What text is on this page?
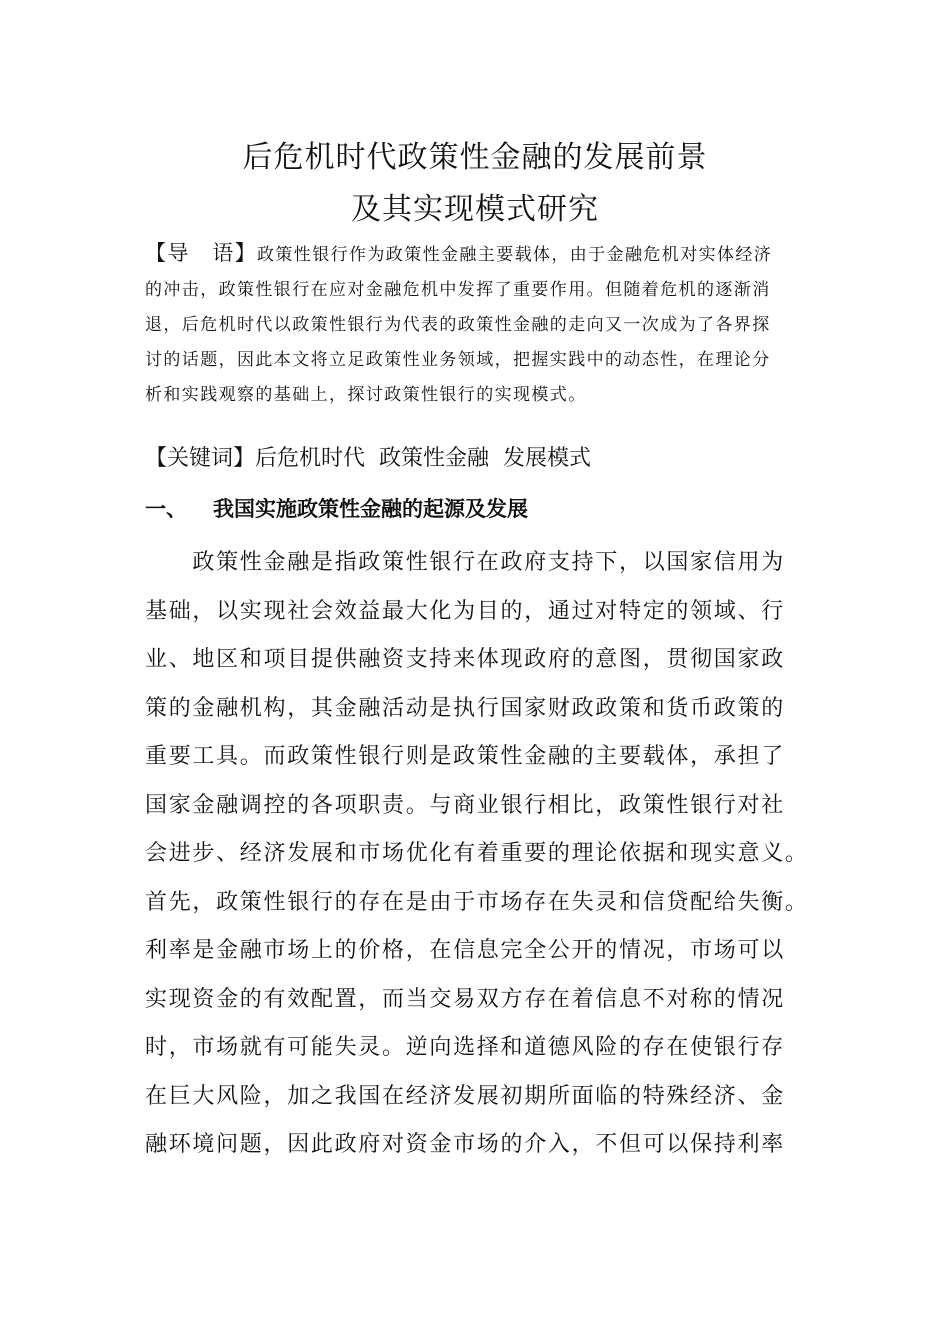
后危机时代政策性金融的发展前景
及其实现模式研究
【导　语】政策性银行作为政策性金融主要载体，由于金融危机对实体经济
的冲击，政策性银行在应对金融危机中发挥了重要作用。但随着危机的逐渐消
退，后危机时代以政策性银行为代表的政策性金融的走向又一次成为了各界探
讨的话题，因此本文将立足政策性业务领域，把握实践中的动态性，在理论分
析和实践观察的基础上，探讨政策性银行的实现模式。
【关键词】后危机时代 政策性金融 发展模式
一、 我国实施政策性金融的起源及发展
　　政策性金融是指政策性银行在政府支持下，以国家信用为
基础，以实现社会效益最大化为目的，通过对特定的领域、行
业、地区和项目提供融资支持来体现政府的意图，贯彻国家政
策的金融机构，其金融活动是执行国家财政政策和货币政策的
重要工具。而政策性银行则是政策性金融的主要载体，承担了
国家金融调控的各项职责。与商业银行相比，政策性银行对社
会进步、经济发展和市场优化有着重要的理论依据和现实意义。
首先，政策性银行的存在是由于市场存在失灵和信贷配给失衡。
利率是金融市场上的价格，在信息完全公开的情况，市场可以
实现资金的有效配置，而当交易双方存在着信息不对称的情况
时，市场就有可能失灵。逆向选择和道德风险的存在使银行存
在巨大风险，加之我国在经济发展初期所面临的特殊经济、金
融环境问题，因此政府对资金市场的介入，不但可以保持利率
